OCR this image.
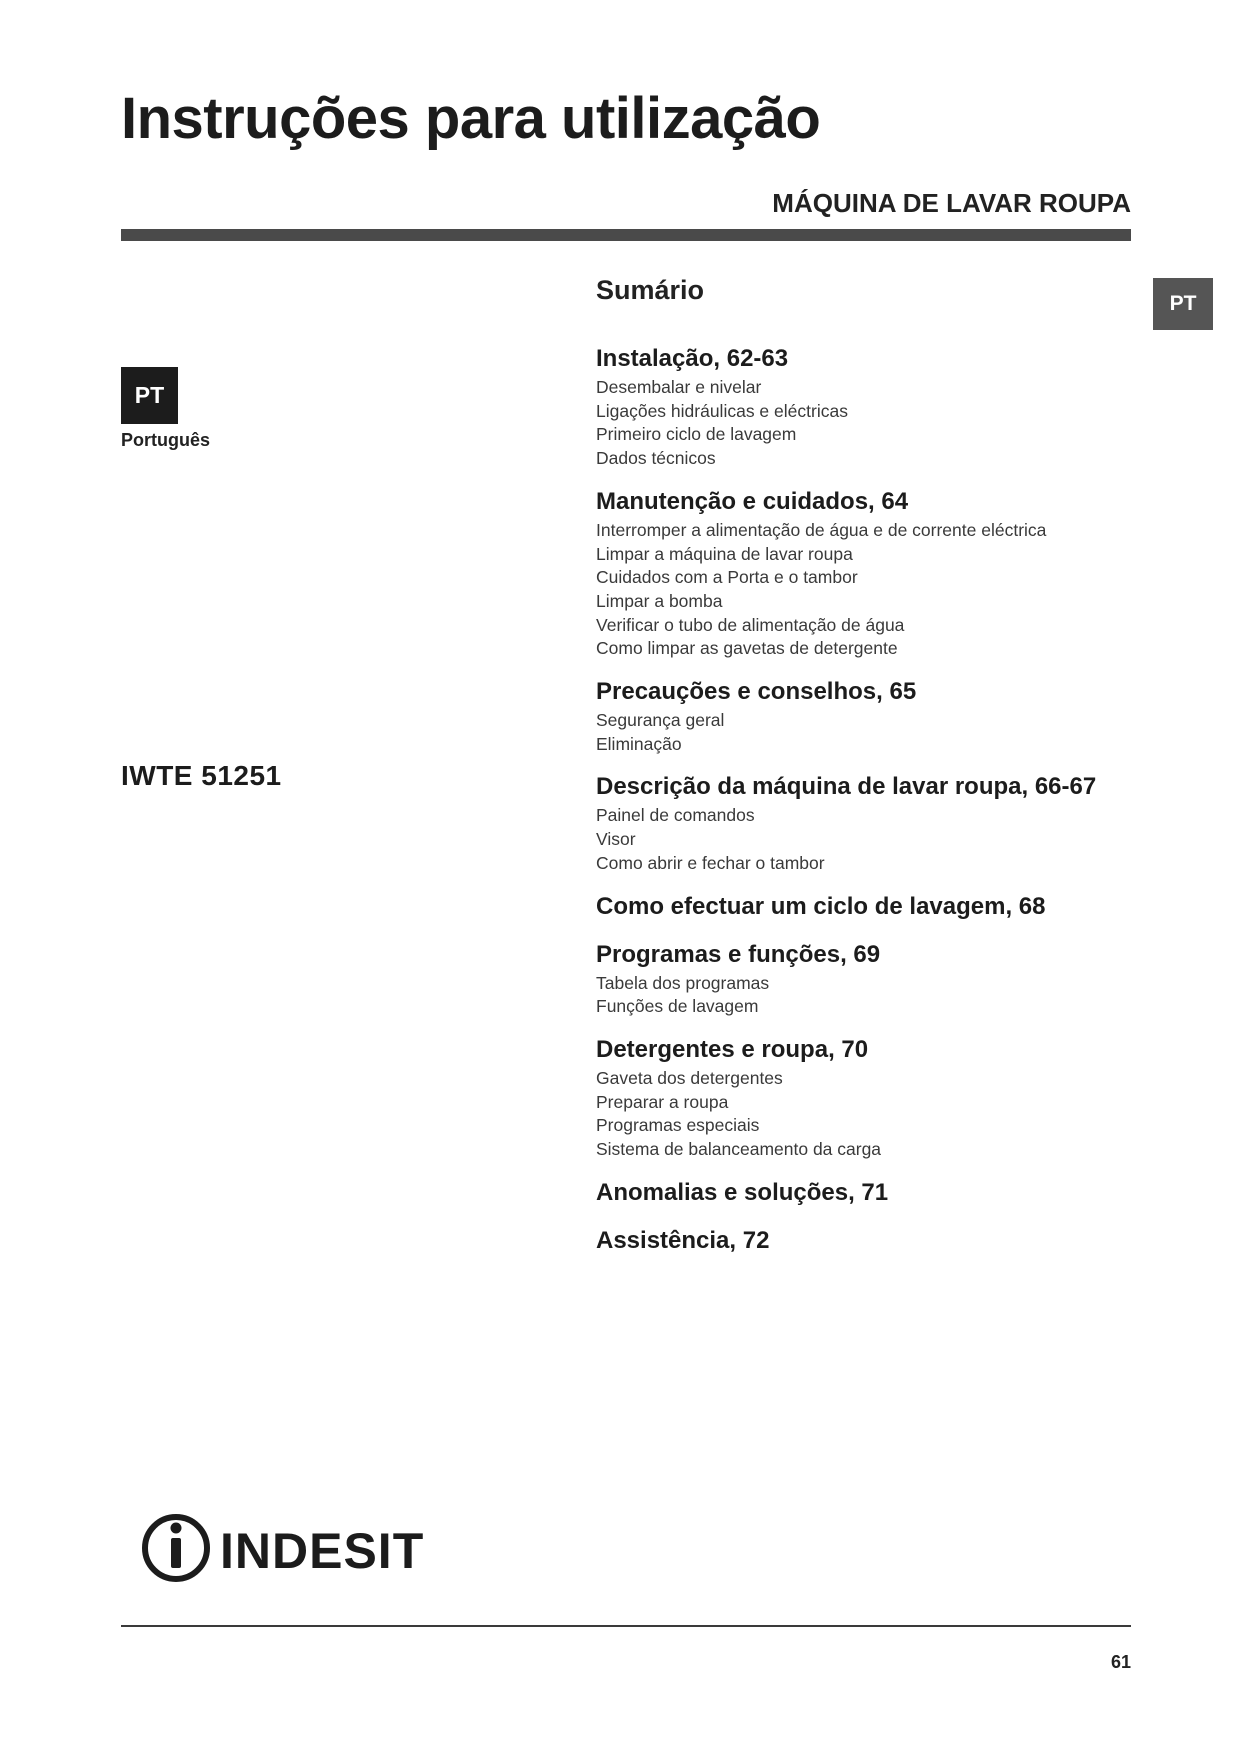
Instruções para utilização
MÁQUINA DE LAVAR ROUPA
PT
PT
Português
IWTE 51251
Sumário
Instalação, 62-63
Desembalar e nivelar
Ligações hidráulicas e eléctricas
Primeiro ciclo de lavagem
Dados técnicos
Manutenção e cuidados, 64
Interromper a alimentação de água e de corrente eléctrica
Limpar a máquina de lavar roupa
Cuidados com a Porta e o tambor
Limpar a bomba
Verificar o tubo de alimentação de água
Como limpar as gavetas de detergente
Precauções e conselhos, 65
Segurança geral
Eliminação
Descrição da máquina de lavar roupa, 66-67
Painel de comandos
Visor
Como abrir e fechar o tambor
Como efectuar um ciclo de lavagem, 68
Programas e funções, 69
Tabela dos programas
Funções de lavagem
Detergentes e roupa, 70
Gaveta dos detergentes
Preparar a roupa
Programas especiais
Sistema de balanceamento da carga
Anomalias e soluções, 71
Assistência, 72
INDESIT
61
